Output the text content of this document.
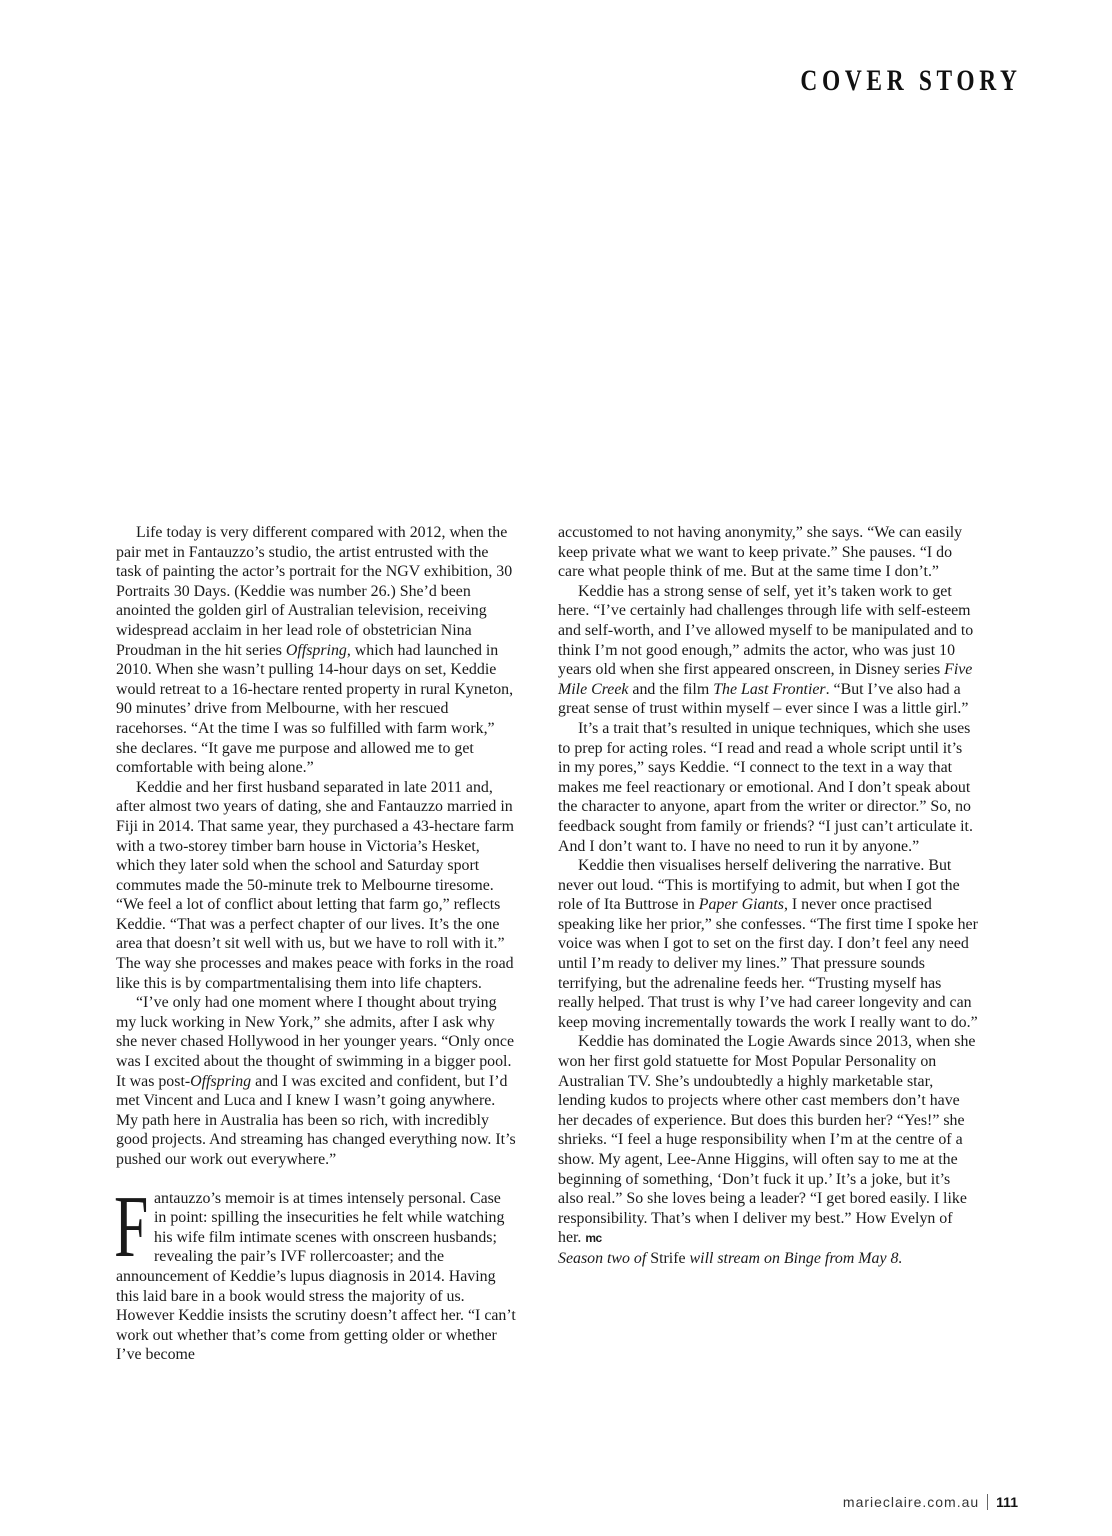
COVER STORY

Life today is very different compared with 2012, when the pair met in Fantauzzo’s studio, the artist entrusted with the task of painting the actor’s portrait for the NGV exhibition, 30 Portraits 30 Days. (Keddie was number 26.) She’d been anointed the golden girl of Australian television, receiving widespread acclaim in her lead role of obstetrician Nina Proudman in the hit series Offspring, which had launched in 2010. When she wasn’t pulling 14-hour days on set, Keddie would retreat to a 16-hectare rented property in rural Kyneton, 90 minutes’ drive from Melbourne, with her rescued racehorses. “At the time I was so fulfilled with farm work,” she declares. “It gave me purpose and allowed me to get comfortable with being alone.”

Keddie and her first husband separated in late 2011 and, after almost two years of dating, she and Fantauzzo married in Fiji in 2014. That same year, they purchased a 43-hectare farm with a two-storey timber barn house in Victoria’s Hesket, which they later sold when the school and Saturday sport commutes made the 50-minute trek to Melbourne tiresome. “We feel a lot of conflict about letting that farm go,” reflects Keddie. “That was a perfect chapter of our lives. It’s the one area that doesn’t sit well with us, but we have to roll with it.” The way she processes and makes peace with forks in the road like this is by compartmentalising them into life chapters.

“I’ve only had one moment where I thought about trying my luck working in New York,” she admits, after I ask why she never chased Hollywood in her younger years. “Only once was I excited about the thought of swimming in a bigger pool. It was post-Offspring and I was excited and confident, but I’d met Vincent and Luca and I knew I wasn’t going anywhere. My path here in Australia has been so rich, with incredibly good projects. And streaming has changed everything now. It’s pushed our work out everywhere.”

Fantauzzo’s memoir is at times intensely personal. Case in point: spilling the insecurities he felt while watching his wife film intimate scenes with onscreen husbands; revealing the pair’s IVF rollercoaster; and the announcement of Keddie’s lupus diagnosis in 2014. Having this laid bare in a book would stress the majority of us. However Keddie insists the scrutiny doesn’t affect her. “I can’t work out whether that’s come from getting older or whether I’ve become

accustomed to not having anonymity,” she says. “We can easily keep private what we want to keep private.” She pauses. “I do care what people think of me. But at the same time I don’t.”

Keddie has a strong sense of self, yet it’s taken work to get here. “I’ve certainly had challenges through life with self-esteem and self-worth, and I’ve allowed myself to be manipulated and to think I’m not good enough,” admits the actor, who was just 10 years old when she first appeared onscreen, in Disney series Five Mile Creek and the film The Last Frontier. “But I’ve also had a great sense of trust within myself – ever since I was a little girl.”

It’s a trait that’s resulted in unique techniques, which she uses to prep for acting roles. “I read and read a whole script until it’s in my pores,” says Keddie. “I connect to the text in a way that makes me feel reactionary or emotional. And I don’t speak about the character to anyone, apart from the writer or director.” So, no feedback sought from family or friends? “I just can’t articulate it. And I don’t want to. I have no need to run it by anyone.”

Keddie then visualises herself delivering the narrative. But never out loud. “This is mortifying to admit, but when I got the role of Ita Buttrose in Paper Giants, I never once practised speaking like her prior,” she confesses. “The first time I spoke her voice was when I got to set on the first day. I don’t feel any need until I’m ready to deliver my lines.” That pressure sounds terrifying, but the adrenaline feeds her. “Trusting myself has really helped. That trust is why I’ve had career longevity and can keep moving incrementally towards the work I really want to do.”

Keddie has dominated the Logie Awards since 2013, when she won her first gold statuette for Most Popular Personality on Australian TV. She’s undoubtedly a highly marketable star, lending kudos to projects where other cast members don’t have her decades of experience. But does this burden her? “Yes!” she shrieks. “I feel a huge responsibility when I’m at the centre of a show. My agent, Lee-Anne Higgins, will often say to me at the beginning of something, ‘Don’t fuck it up.’ It’s a joke, but it’s also real.” So she loves being a leader? “I get bored easily. I like responsibility. That’s when I deliver my best.” How Evelyn of her. mc

Season two of Strife will stream on Binge from May 8.

marieclaire.com.au 111
